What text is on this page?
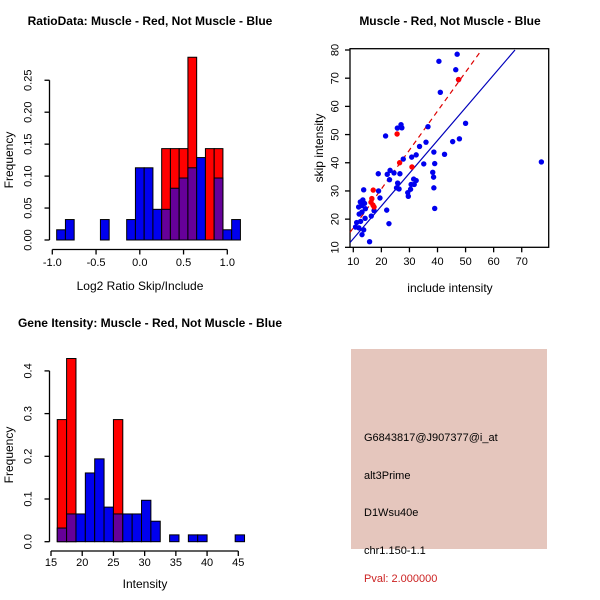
RatioData: Muscle - Red, Not Muscle - Blue
-1.0 -0.5 0.0	0.5	1.0
0.00
0.05
0.10
0.15
0.20
0.25
Log2 Ratio Skip/Include
Frequency
Muscle - Red, Not Muscle - Blue
10 20 30 40 50 60 70
10
20
30
40
50
60
70
80
include intensity
skip intensity
Gene Itensity: Muscle - Red, Not Muscle - Blue
15 20 25 30 35 40 45
0.0
0.1
0.2
0.3
0.4
Intensity
Frequency	G6843817@J907377@i_at
alt3Prime
D1Wsu40e
chr1.150-1.1
Pval: 2.000000
